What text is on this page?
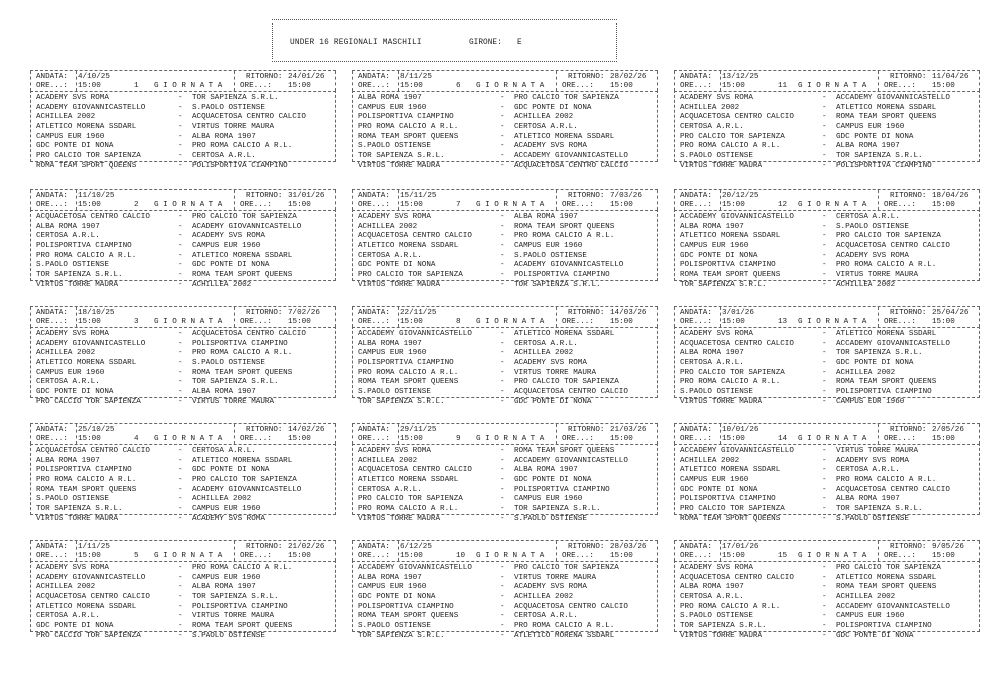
UNDER 16 REGIONALI MASCHILI	GIRONE: E
ANDATA: 4/10/25	RITORNO: 24/01/26
ORE...: 15:00	1 G I O R N A T A ORE...: 15:00
ACADEMY SVS ROMA	- TOR SAPIENZA S.R.L.
ACADEMY GIOVANNICASTELLO	- S.PAOLO OSTIENSE
ACHILLEA 2002	- ACQUACETOSA CENTRO CALCIO
ATLETICO MORENA SSDARL	- VIRTUS TORRE MAURA
CAMPUS EUR 1960	- ALBA ROMA 1907
GDC PONTE DI NONA	- PRO ROMA CALCIO A R.L.
PRO CALCIO TOR SAPIENZA	- CERTOSA A.R.L.
ROMA TEAM SPORT QUEENS	- POLISPORTIVA CIAMPINO
ANDATA: 11/10/25	RITORNO: 31/01/26
ORE...: 15:00	2 G I O R N A T A ORE...: 15:00
ACQUACETOSA CENTRO CALCIO	- PRO CALCIO TOR SAPIENZA
ALBA ROMA 1907	- ACADEMY GIOVANNICASTELLO
CERTOSA A.R.L.	- ACADEMY SVS ROMA
POLISPORTIVA CIAMPINO	- CAMPUS EUR 1960
PRO ROMA CALCIO A R.L.	- ATLETICO MORENA SSDARL
S.PAOLO OSTIENSE	- GDC PONTE DI NONA
TOR SAPIENZA S.R.L.	- ROMA TEAM SPORT QUEENS
VIRTUS TORRE MAURA	- ACHILLEA 2002
ANDATA: 18/10/25	RITORNO: 7/02/26
ORE...: 15:00	3 G I O R N A T A ORE...: 15:00
ACADEMY SVS ROMA	- ACQUACETOSA CENTRO CALCIO
ACADEMY GIOVANNICASTELLO	- POLISPORTIVA CIAMPINO
ACHILLEA 2002	- PRO ROMA CALCIO A R.L.
ATLETICO MORENA SSDARL	- S.PAOLO OSTIENSE
CAMPUS EUR 1960	- ROMA TEAM SPORT QUEENS
CERTOSA A.R.L.	- TOR SAPIENZA S.R.L.
GDC PONTE DI NONA	- ALBA ROMA 1907
PRO CALCIO TOR SAPIENZA	- VIRTUS TORRE MAURA
ANDATA: 25/10/25	RITORNO: 14/02/26
ORE...: 15:00	4 G I O R N A T A ORE...: 15:00
ACQUACETOSA CENTRO CALCIO	- CERTOSA A.R.L.
ALBA ROMA 1907	- ATLETICO MORENA SSDARL
POLISPORTIVA CIAMPINO	- GDC PONTE DI NONA
PRO ROMA CALCIO A R.L.	- PRO CALCIO TOR SAPIENZA
ROMA TEAM SPORT QUEENS	- ACADEMY GIOVANNICASTELLO
S.PAOLO OSTIENSE	- ACHILLEA 2002
TOR SAPIENZA S.R.L.	- CAMPUS EUR 1960
VIRTUS TORRE MAURA	- ACADEMY SVS ROMA
ANDATA: 1/11/25	RITORNO: 21/02/26
ORE...: 15:00	5 G I O R N A T A ORE...: 15:00
ACADEMY SVS ROMA	- PRO ROMA CALCIO A R.L.
ACADEMY GIOVANNICASTELLO	- CAMPUS EUR 1960
ACHILLEA 2002	- ALBA ROMA 1907
ACQUACETOSA CENTRO CALCIO	- TOR SAPIENZA S.R.L.
ATLETICO MORENA SSDARL	- POLISPORTIVA CIAMPINO
CERTOSA A.R.L.	- VIRTUS TORRE MAURA
GDC PONTE DI NONA	- ROMA TEAM SPORT QUEENS
PRO CALCIO TOR SAPIENZA	- S.PAOLO OSTIENSE
ANDATA: 8/11/25	RITORNO: 28/02/26
ORE...: 15:00	6 G I O R N A T A ORE...: 15:00
ALBA ROMA 1907	- PRO CALCIO TOR SAPIENZA
CAMPUS EUR 1960	- GDC PONTE DI NONA
POLISPORTIVA CIAMPINO	- ACHILLEA 2002
PRO ROMA CALCIO A R.L.	- CERTOSA A.R.L.
ROMA TEAM SPORT QUEENS	- ATLETICO MORENA SSDARL
S.PAOLO OSTIENSE	- ACADEMY SVS ROMA
TOR SAPIENZA S.R.L.	- ACCADEMY GIOVANNICASTELLO
VIRTUS TORRE MAURA	- ACQUACETOSA CENTRO CALCIO
ANDATA: 15/11/25	RITORNO: 7/03/26
ORE...: 15:00	7 G I O R N A T A ORE...: 15:00
ACADEMY SVS ROMA	- ALBA ROMA 1907
ACHILLEA 2002	- ROMA TEAM SPORT QUEENS
ACQUACETOSA CENTRO CALCIO	- PRO ROMA CALCIO A R.L.
ATLETICO MORENA SSDARL	- CAMPUS EUR 1960
CERTOSA A.R.L.	- S.PAOLO OSTIENSE
GDC PONTE DI NONA	- ACADEMY GIOVANNICASTELLO
PRO CALCIO TOR SAPIENZA	- POLISPORTIVA CIAMPINO
VIRTUS TORRE MAURA	- TOR SAPIENZA S.R.L.
ANDATA: 22/11/25	RITORNO: 14/03/26
ORE...: 15:00	8 G I O R N A T A ORE...: 15:00
ACCADEMY GIOVANNICASTELLO	- ATLETICO MORENA SSDARL
ALBA ROMA 1907	- CERTOSA A.R.L.
CAMPUS EUR 1960	- ACHILLEA 2002
POLISPORTIVA CIAMPINO	- ACADEMY SVS ROMA
PRO ROMA CALCIO A R.L.	- VIRTUS TORRE MAURA
ROMA TEAM SPORT QUEENS	- PRO CALCIO TOR SAPIENZA
S.PAOLO OSTIENSE	- ACQUACETOSA CENTRO CALCIO
TOR SAPIENZA S.R.L.	- GDC PONTE DI NONA
ANDATA: 29/11/25	RITORNO: 21/03/26
ORE...: 15:00	9 G I O R N A T A ORE...: 15:00
ACADEMY SVS ROMA	- ROMA TEAM SPORT QUEENS
ACHILLEA 2002	- ACCADEMY GIOVANNICASTELLO
ACQUACETOSA CENTRO CALCIO	- ALBA ROMA 1907
ATLETICO MORENA SSDARL	- GDC PONTE DI NONA
CERTOSA A.R.L.	- POLISPORTIVA CIAMPINO
PRO CALCIO TOR SAPIENZA	- CAMPUS EUR 1960
PRO ROMA CALCIO A R.L.	- TOR SAPIENZA S.R.L.
VIRTUS TORRE MAURA	- S.PAOLO OSTIENSE
ANDATA: 6/12/25	RITORNO: 28/03/26
ORE...: 15:00	10 G I O R N A T A ORE...: 15:00
ACCADEMY GIOVANNICASTELLO	- PRO CALCIO TOR SAPIENZA
ALBA ROMA 1907	- VIRTUS TORRE MAURA
CAMPUS EUR 1960	- ACADEMY SVS ROMA
GDC PONTE DI NONA	- ACHILLEA 2002
POLISPORTIVA CIAMPINO	- ACQUACETOSA CENTRO CALCIO
ROMA TEAM SPORT QUEENS	- CERTOSA A.R.L.
S.PAOLO OSTIENSE	- PRO ROMA CALCIO A R.L.
TOR SAPIENZA S.R.L.	- ATLETICO MORENA SSDARL
ANDATA: 13/12/25	RITORNO: 11/04/26
ORE...: 15:00	11 G I O R N A T A ORE...: 15:00
ACADEMY SVS ROMA	- ACCADEMY GIOVANNICASTELLO
ACHILLEA 2002	- ATLETICO MORENA SSDARL
ACQUACETOSA CENTRO CALCIO	- ROMA TEAM SPORT QUEENS
CERTOSA A.R.L.	- CAMPUS EUR 1960
PRO CALCIO TOR SAPIENZA	- GDC PONTE DI NONA
PRO ROMA CALCIO A R.L.	- ALBA ROMA 1907
S.PAOLO OSTIENSE	- TOR SAPIENZA S.R.L.
VIRTUS TORRE MAURA	- POLISPORTIVA CIAMPINO
ANDATA: 20/12/25	RITORNO: 18/04/26
ORE...: 15:00	12 G I O R N A T A ORE...: 15:00
ACCADEMY GIOVANNICASTELLO	- CERTOSA A.R.L.
ALBA ROMA 1907	- S.PAOLO OSTIENSE
ATLETICO MORENA SSDARL	- PRO CALCIO TOR SAPIENZA
CAMPUS EUR 1960	- ACQUACETOSA CENTRO CALCIO
GDC PONTE DI NONA	- ACADEMY SVS ROMA
POLISPORTIVA CIAMPINO	- PRO ROMA CALCIO A R.L.
ROMA TEAM SPORT QUEENS	- VIRTUS TORRE MAURA
TOR SAPIENZA S.R.L.	- ACHILLEA 2002
ANDATA: 3/01/26	RITORNO: 25/04/26
ORE...: 15:00	13 G I O R N A T A ORE...: 15:00
ACADEMY SVS ROMA	- ATLETICO MORENA SSDARL
ACQUACETOSA CENTRO CALCIO	- ACCADEMY GIOVANNICASTELLO
ALBA ROMA 1907	- TOR SAPIENZA S.R.L.
CERTOSA A.R.L.	- GDC PONTE DI NONA
PRO CALCIO TOR SAPIENZA	- ACHILLEA 2002
PRO ROMA CALCIO A R.L.	- ROMA TEAM SPORT QUEENS
S.PAOLO OSTIENSE	- POLISPORTIVA CIAMPINO
VIRTUS TORRE MAURA	- CAMPUS EUR 1960
ANDATA: 10/01/26	RITORNO: 2/05/26
ORE...: 15:00	14 G I O R N A T A ORE...: 15:00
ACCADEMY GIOVANNICASTELLO	- VIRTUS TORRE MAURA
ACHILLEA 2002	- ACADEMY SVS ROMA
ATLETICO MORENA SSDARL	- CERTOSA A.R.L.
CAMPUS EUR 1960	- PRO ROMA CALCIO A R.L.
GDC PONTE DI NONA	- ACQUACETOSA CENTRO CALCIO
POLISPORTIVA CIAMPINO	- ALBA ROMA 1907
PRO CALCIO TOR SAPIENZA	- TOR SAPIENZA S.R.L.
ROMA TEAM SPORT QUEENS	- S.PAOLO OSTIENSE
ANDATA: 17/01/26	RITORNO: 9/05/26
ORE...: 15:00	15 G I O R N A T A ORE...: 15:00
ACADEMY SVS ROMA	- PRO CALCIO TOR SAPIENZA
ACQUACETOSA CENTRO CALCIO	- ATLETICO MORENA SSDARL
ALBA ROMA 1907	- ROMA TEAM SPORT QUEENS
CERTOSA A.R.L.	- ACHILLEA 2002
PRO ROMA CALCIO A R.L.	- ACCADEMY GIOVANNICASTELLO
S.PAOLO OSTIENSE	- CAMPUS EUR 1960
TOR SAPIENZA S.R.L.	- POLISPORTIVA CIAMPINO
VIRTUS TORRE MAURA	- GDC PONTE DI NONA
